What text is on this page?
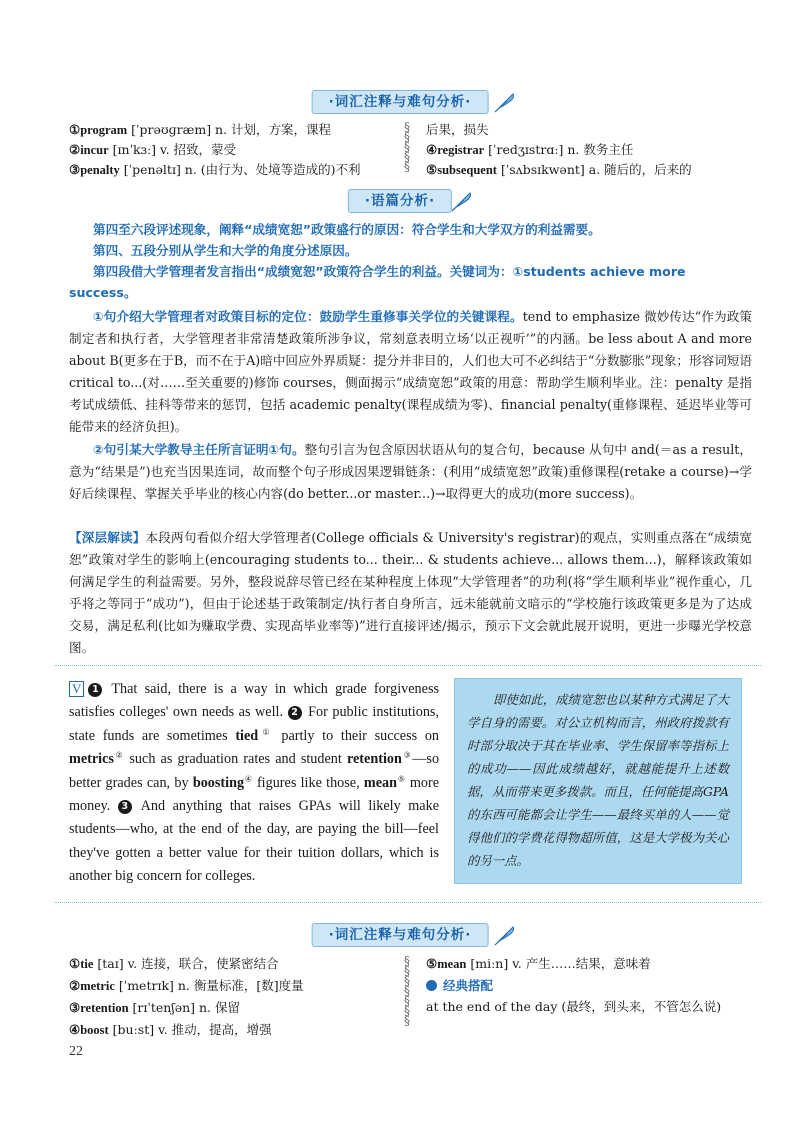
·词汇注释与难句分析·
①program [ˈprəʊɡræm] n. 计划，方案，课程
②incur [ɪnˈkɜː] v. 招致，蒙受
③penalty [ˈpenəltɪ] n. (由行为、处境等造成的)不利
§
§
§
§
§
后果，损失
④registrar [ˈredʒɪstrɑː] n. 教务主任
⑤subsequent [ˈsʌbsɪkwənt] a. 随后的，后来的
·语篇分析·
第四至六段评述现象，阐释“成绩宽恕”政策盛行的原因：符合学生和大学双方的利益需要。
第四、五段分别从学生和大学的角度分述原因。
第四段借大学管理者发言指出“成绩宽恕”政策符合学生的利益。关键词为：①students achieve more
success。
①句介绍大学管理者对政策目标的定位：鼓励学生重修事关学位的关键课程。tend to emphasize 微妙传达“作为政策制定者和执行者，大学管理者非常清楚政策所涉争议，常刻意表明立场‘以正视听’”的内涵。be less about A and more about B(更多在于B，而不在于A)暗中回应外界质疑：提分并非目的，人们也大可不必纠结于“分数膨胀”现象；形容词短语 critical to...(对……至关重要的)修饰 courses，侧面揭示“成绩宽恕”政策的用意：帮助学生顺利毕业。注：penalty 是指考试成绩低、挂科等带来的惩罚，包括 academic penalty(课程成绩为零)、financial penalty(重修课程、延迟毕业等可能带来的经济负担)。
②句引某大学教导主任所言证明①句。整句引言为包含原因状语从句的复合句，because 从句中 and(＝as a result，意为“结果是”)也充当因果连词，故而整个句子形成因果逻辑链条：(利用“成绩宽恕”政策)重修课程(retake a course)→学好后续课程、掌握关乎毕业的核心内容(do better...or master...)→取得更大的成功(more success)。
【深层解读】本段两句看似介绍大学管理者(College officials & University's registrar)的观点，实则重点落在“成绩宽恕”政策对学生的影响上(encouraging students to... their... & students achieve... allows them...)，解释该政策如何满足学生的利益需要。另外，整段说辞尽管已经在某种程度上体现“大学管理者”的功利(将“学生顺利毕业”视作重心，几乎将之等同于“成功”)，但由于论述基于政策制定/执行者自身所言，远未能就前文暗示的“学校施行该政策更多是为了达成交易，满足私利(比如为赚取学费、实现高毕业率等)”进行直接评述/揭示，预示下文会就此展开说明，更进一步曝光学校意图。
V 1 That said, there is a way in which grade forgiveness satisfies colleges' own needs as well. 2 For public institutions, state funds are sometimes tied① partly to their success on metrics② such as graduation rates and student retention③—so better grades can, by boosting④ figures like those, mean⑤ more money. 3 And anything that raises GPAs will likely make students—who, at the end of the day, are paying the bill—feel they've gotten a better value for their tuition dollars, which is another big concern for colleges.
即使如此，成绩宽恕也以某种方式满足了大学自身的需要。对公立机构而言，州政府拨款有时部分取决于其在毕业率、学生保留率等指标上的成功——因此成绩越好，就越能提升上述数据，从而带来更多拨款。而且，任何能提高GPA的东西可能都会让学生——最终买单的人——觉得他们的学费花得物超所值，这是大学极为关心的另一点。
·词汇注释与难句分析·
①tie [taɪ] v. 连接，联合，使紧密结合
②metric [ˈmetrɪk] n. 衡量标准，[数]度量
③retention [rɪˈtenʃən] n. 保留
④boost [buːst] v. 推动，提高，增强
§
§
§
§
§
§
§
⑤mean [miːn] v. 产生……结果，意味着
经典搭配
at the end of the day (最终，到头来，不管怎么说)
22
